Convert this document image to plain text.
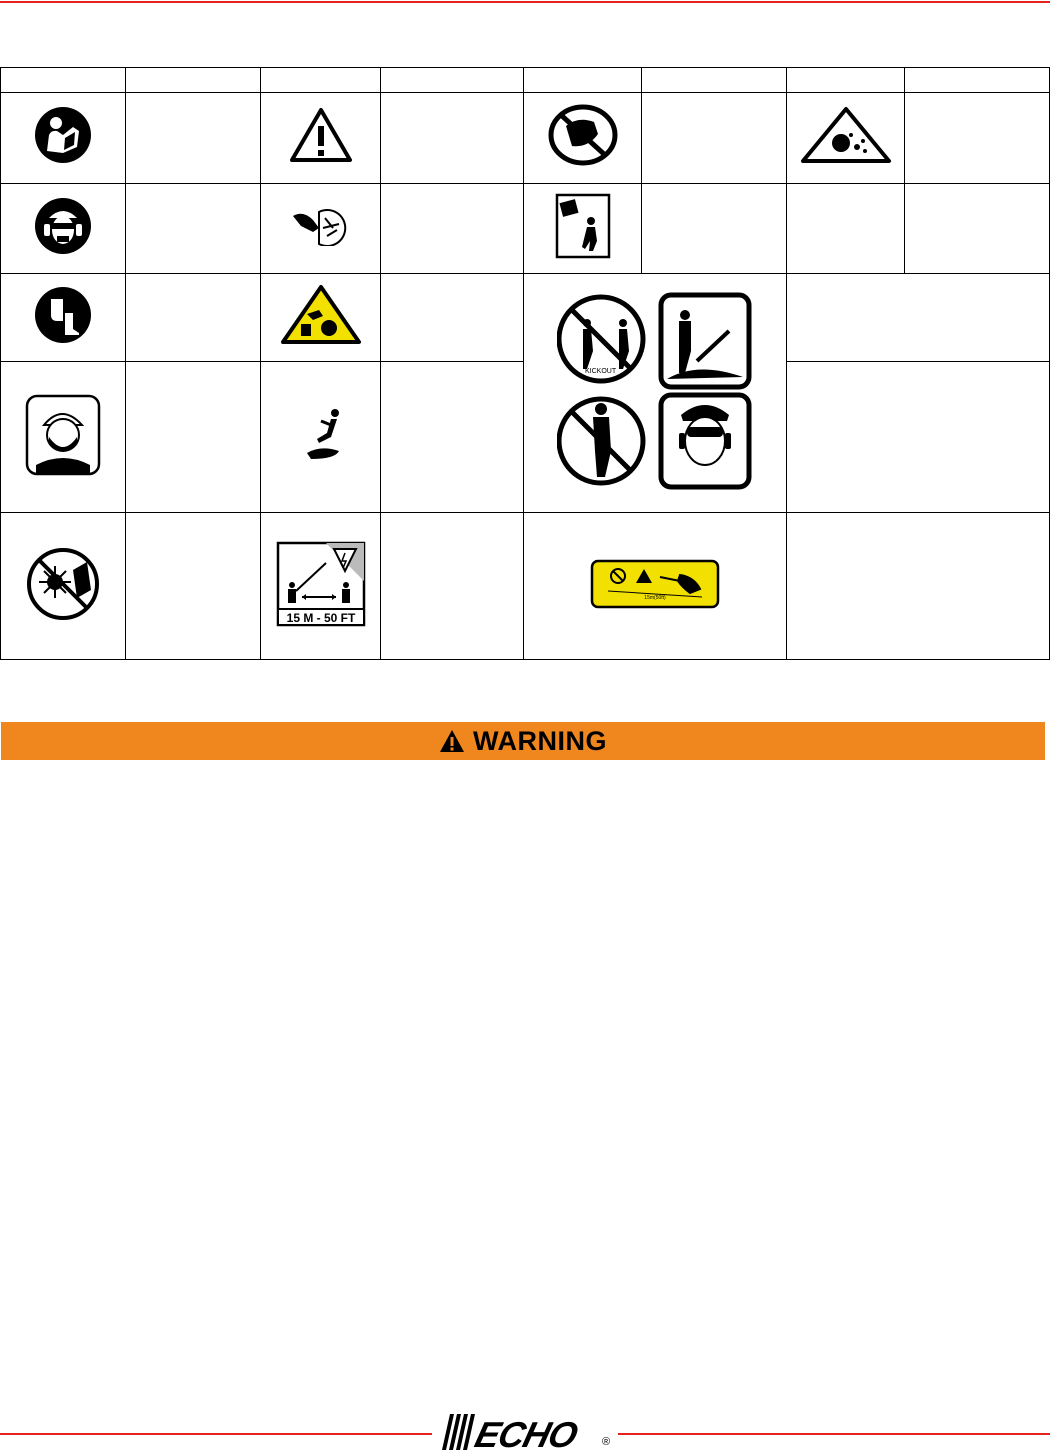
KICKOUT			

15 M - 50 FT		15m(50ft)			

WARNING
ECHO ®
